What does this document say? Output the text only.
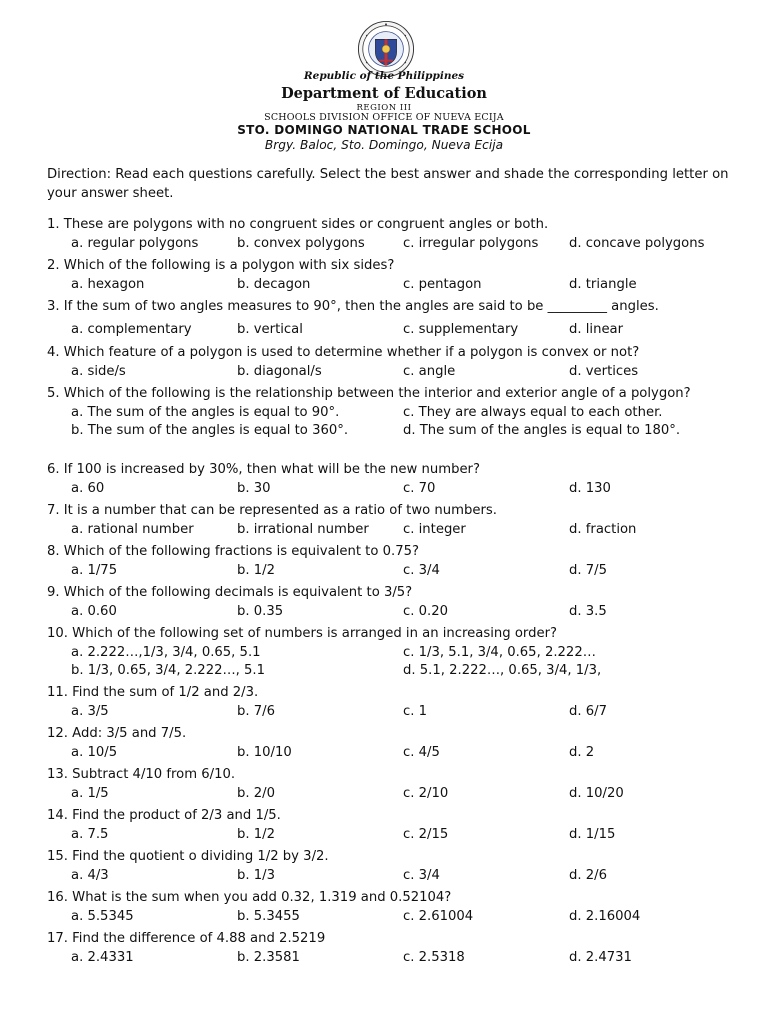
Republic of the Philippines
Department of Education
REGION III
SCHOOLS DIVISION OFFICE OF NUEVA ECIJA
STO. DOMINGO NATIONAL TRADE SCHOOL
Brgy. Baloc, Sto. Domingo, Nueva Ecija
Direction: Read each questions carefully. Select the best answer and shade the corresponding letter on your answer sheet.
1. These are polygons with no congruent sides or congruent angles or both.
a. regular polygons	b. convex polygons	c. irregular polygons d. concave polygons
2. Which of the following is a polygon with six sides?
a. hexagon	b. decagon	c. pentagon	d. triangle
3. If the sum of two angles measures to 90°, then the angles are said to be _________ angles.
a. complementary	b. vertical	c. supplementary	d. linear
4. Which feature of a polygon is used to determine whether if a polygon is convex or not?
a. side/s	b. diagonal/s	c. angle	d. vertices
5. Which of the following is the relationship between the interior and exterior angle of a polygon?
a. The sum of the angles is equal to 90°.	c. They are always equal to each other.
b. The sum of the angles is equal to 360°.	d. The sum of the angles is equal to 180°.
6. If 100 is increased by 30%, then what will be the new number?
a. 60	b. 30	c. 70	d. 130
7. It is a number that can be represented as a ratio of two numbers.
a. rational number	b. irrational number	c. integer	d. fraction
8. Which of the following fractions is equivalent to 0.75?
a. 1/75	b. 1/2	c. 3/4	d. 7/5
9. Which of the following decimals is equivalent to 3/5?
a. 0.60	b. 0.35	c. 0.20	d. 3.5
10. Which of the following set of numbers is arranged in an increasing order?
a. 2.222…,1/3, 3/4, 0.65, 5.1	c. 1/3, 5.1, 3/4, 0.65, 2.222…
b. 1/3, 0.65, 3/4, 2.222…, 5.1	d. 5.1, 2.222…, 0.65, 3/4, 1/3,
11. Find the sum of 1/2 and 2/3.
a. 3/5	b. 7/6	c. 1	d. 6/7
12. Add: 3/5 and 7/5.
a. 10/5	b. 10/10	c. 4/5	d. 2
13. Subtract 4/10 from 6/10.
a. 1/5	b. 2/0	c. 2/10	d. 10/20
14. Find the product of 2/3 and 1/5.
a. 7.5	b. 1/2	c. 2/15	d. 1/15
15. Find the quotient o dividing 1/2 by 3/2.
a. 4/3	b. 1/3	c. 3/4	d. 2/6
16. What is the sum when you add 0.32, 1.319 and 0.52104?
a. 5.5345	b. 5.3455	c. 2.61004	d. 2.16004
17. Find the difference of 4.88 and 2.5219
a. 2.4331	b. 2.3581	c. 2.5318	d. 2.4731
